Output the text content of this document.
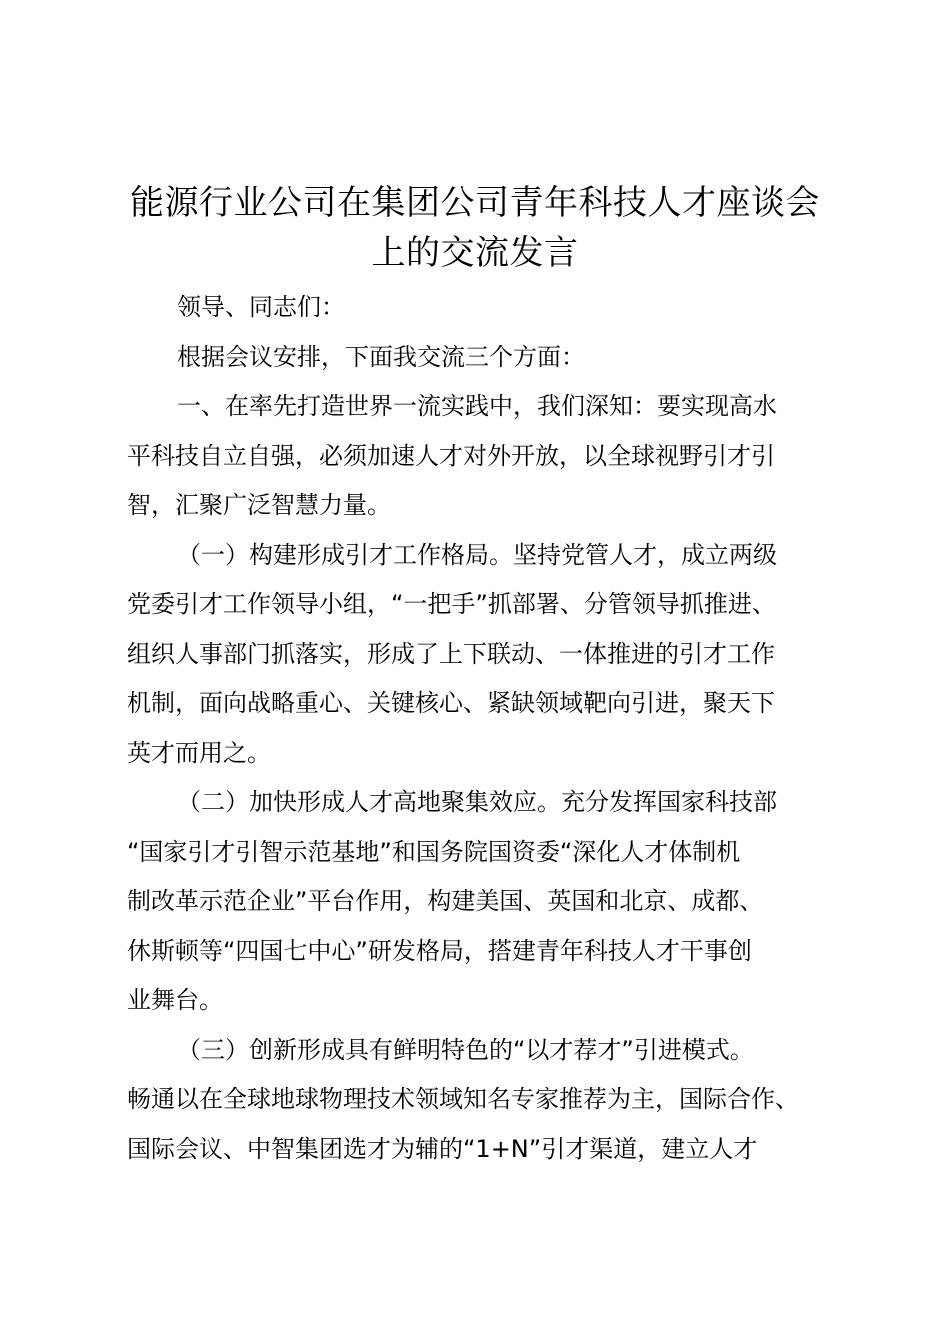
能源行业公司在集团公司青年科技人才座谈会
上的交流发言

领导、同志们：

根据会议安排，下面我交流三个方面：

一、在率先打造世界一流实践中，我们深知：要实现高水
平科技自立自强，必须加速人才对外开放，以全球视野引才引
智，汇聚广泛智慧力量。

（一）构建形成引才工作格局。坚持党管人才，成立两级
党委引才工作领导小组，“一把手”抓部署、分管领导抓推进、
组织人事部门抓落实，形成了上下联动、一体推进的引才工作
机制，面向战略重心、关键核心、紧缺领域靶向引进，聚天下
英才而用之。

（二）加快形成人才高地聚集效应。充分发挥国家科技部
“国家引才引智示范基地”和国务院国资委“深化人才体制机
制改革示范企业”平台作用，构建美国、英国和北京、成都、
休斯顿等“四国七中心”研发格局，搭建青年科技人才干事创
业舞台。

（三）创新形成具有鲜明特色的“以才荐才”引进模式。
畅通以在全球地球物理技术领域知名专家推荐为主，国际合作、
国际会议、中智集团选才为辅的“1+N”引才渠道，建立人才
